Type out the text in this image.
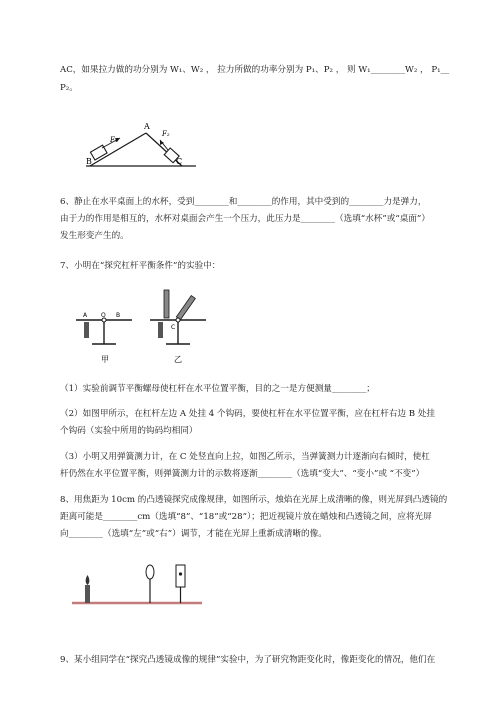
AC，如果拉力做的功分别为 W₁、W₂ ， 拉力所做的功率分别为 P₁、P₂ ， 则 W₁________W₂ ， P₁__
P₂。
A
B	C
F₁
F₂
6、静止在水平桌面上的水杯，受到________和________的作用，其中受到的________力是弹力，
由于力的作用是相互的，水杯对桌面会产生一个压力，此压力是________（选填“水杯”或“桌面”）
发生形变产生的。
7、小明在“探究杠杆平衡条件”的实验中：
A O B
甲
C
乙
（1）实验前调节平衡螺母使杠杆在水平位置平衡，目的之一是方便测量________；
（2）如图甲所示，在杠杆左边 A 处挂 4 个钩码，要使杠杆在水平位置平衡，应在杠杆右边 B 处挂
个钩码（实验中所用的钩码均相同）
（3）小明又用弹簧测力计，在 C 处竖直向上拉，如图乙所示，当弹簧测力计逐渐向右倾时，使杠
杆仍然在水平位置平衡，则弹簧测力计的示数将逐渐________（选填“变大”、“变小”或 “不变”）
8、用焦距为 10cm 的凸透镜探究成像规律，如图所示，烛焰在光屏上成清晰的像，则光屏到凸透镜的
距离可能是________cm（选填“8”、“18”或“28”）；把近视镜片放在蜡烛和凸透镜之间，应将光屏
向________（选填“左”或“右”）调节，才能在光屏上重新成清晰的像。
9、某小组同学在“探究凸透镜成像的规律”实验中，为了研究物距变化时，像距变化的情况，他们在
